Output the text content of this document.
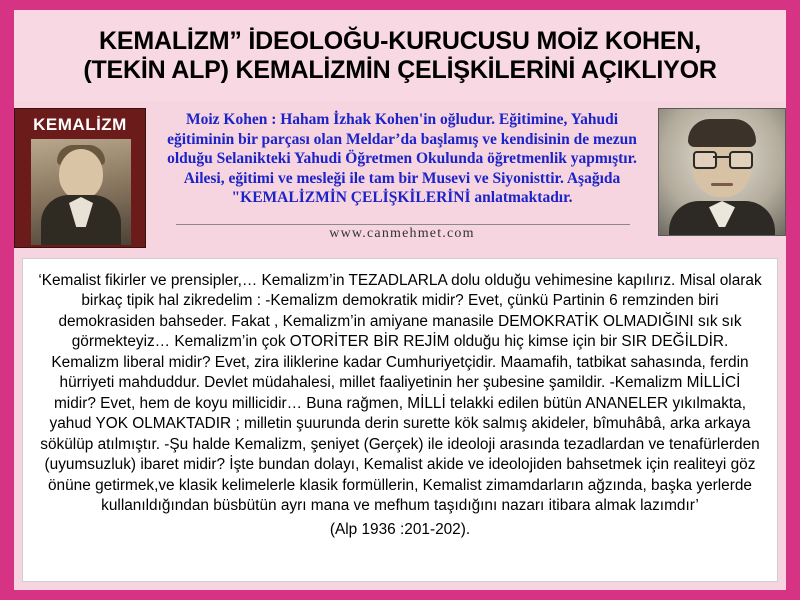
KEMALİZM” İDEOLOĞU-KURUCUSU MOİZ KOHEN,
(TEKİN ALP) KEMALİZMİN ÇELİŞKİLERİNİ AÇIKLIYOR
KEMALİZM	Moiz Kohen : Haham İzhak Kohen'in oğludur. Eğitimine, Yahudi eğitiminin bir parçası olan Meldar’da başlamış ve kendisinin de mezun olduğu Selanikteki Yahudi Öğretmen Okulunda öğretmenlik yapmıştır. Ailesi, eğitimi ve mesleği ile tam bir Musevi ve Siyonisttir. Aşağıda "KEMALİZMİN ÇELİŞKİLERİNİ anlatmaktadır.
www.canmehmet.com

‘Kemalist fikirler ve prensipler,… Kemalizm’in TEZADLARLA dolu olduğu vehimesine kapılırız. Misal olarak birkaç tipik hal zikredelim : -Kemalizm demokratik midir? Evet, çünkü Partinin 6 remzinden biri demokrasiden bahseder. Fakat , Kemalizm’in amiyane manasile DEMOKRATİK OLMADIĞINI sık sık görmekteyiz… Kemalizm’in çok OTORİTER BİR REJİM olduğu hiç kimse için bir SIR DEĞİLDİR. Kemalizm liberal midir? Evet, zira iliklerine kadar Cumhuriyetçidir. Maamafih, tatbikat sahasında, ferdin hürriyeti mahduddur. Devlet müdahalesi, millet faaliyetinin her şubesine şamildir. -Kemalizm MİLLİCİ midir? Evet, hem de koyu millicidir… Buna rağmen, MİLLİ telakki edilen bütün ANANELER yıkılmakta, yahud YOK OLMAKTADIR ; milletin şuurunda derin surette kök salmış akideler, bîmuhâbâ, arka arkaya sökülüp atılmıştır. -Şu halde Kemalizm, şeniyet (Gerçek) ile ideoloji arasında tezadlardan ve tenafürlerden (uyumsuzluk) ibaret midir? İşte bundan dolayı, Kemalist akide ve ideolojiden bahsetmek için realiteyi göz önüne getirmek,ve klasik kelimelerle klasik formüllerin, Kemalist zimamdarların ağzında, başka yerlerde kullanıldığından büsbütün ayrı mana ve mefhum taşıdığını nazarı itibara almak lazımdır’

(Alp 1936 :201-202).
